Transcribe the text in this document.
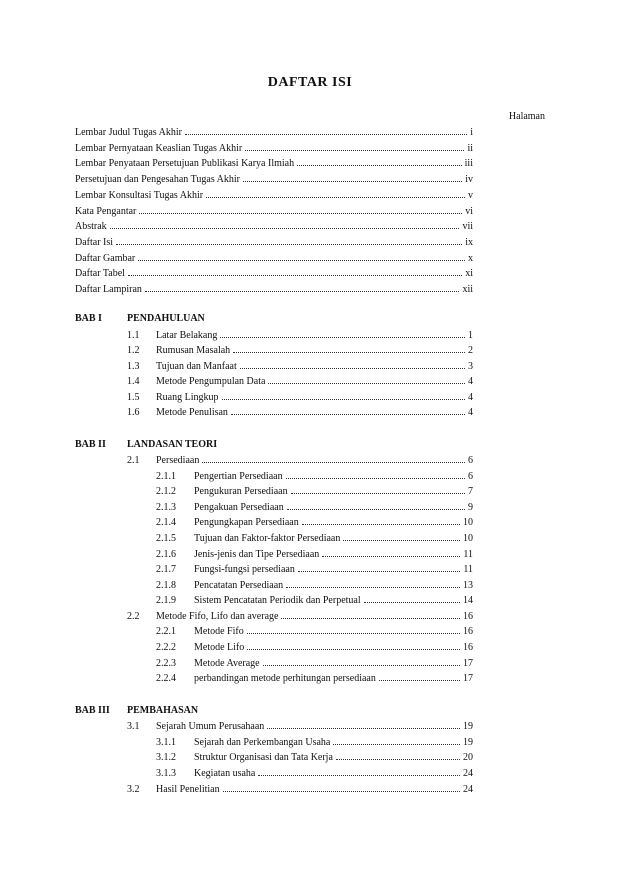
DAFTAR ISI
Halaman
Lembar Judul Tugas Akhir	i
Lembar Pernyataan Keaslian Tugas Akhir	ii
Lembar Penyataan Persetujuan Publikasi Karya Ilmiah	iii
Persetujuan dan Pengesahan Tugas Akhir	iv
Lembar Konsultasi Tugas Akhir	v
Kata Pengantar	vi
Abstrak	vii
Daftar Isi	ix
Daftar Gambar	x
Daftar Tabel	xi
Daftar Lampiran	xii
BAB I	PENDAHULUAN
1.1	Latar Belakang	1
1.2	Rumusan Masalah	2
1.3	Tujuan dan Manfaat	3
1.4	Metode Pengumpulan Data	4
1.5	Ruang Lingkup	4
1.6	Metode Penulisan	4
BAB II	LANDASAN TEORI
2.1	Persediaan	6
2.1.1	Pengertian Persediaan	6
2.1.2	Pengukuran Persediaan	7
2.1.3	Pengakuan Persediaan	9
2.1.4	Pengungkapan Persediaan	10
2.1.5	Tujuan dan Faktor-faktor Persediaan	10
2.1.6	Jenis-jenis dan Tipe Persediaan	11
2.1.7	Fungsi-fungsi persediaan	11
2.1.8	Pencatatan Persediaan	13
2.1.9	Sistem Pencatatan Periodik dan Perpetual	14
2.2	Metode Fifo, Lifo dan average	16
2.2.1	Metode Fifo	16
2.2.2	Metode Lifo	16
2.2.3	Metode Average	17
2.2.4	perbandingan metode perhitungan persediaan	17
BAB III	PEMBAHASAN
3.1	Sejarah Umum Perusahaan	19
3.1.1	Sejarah dan Perkembangan Usaha	19
3.1.2	Struktur Organisasi dan Tata Kerja	20
3.1.3	Kegiatan usaha	24
3.2	Hasil Penelitian	24
